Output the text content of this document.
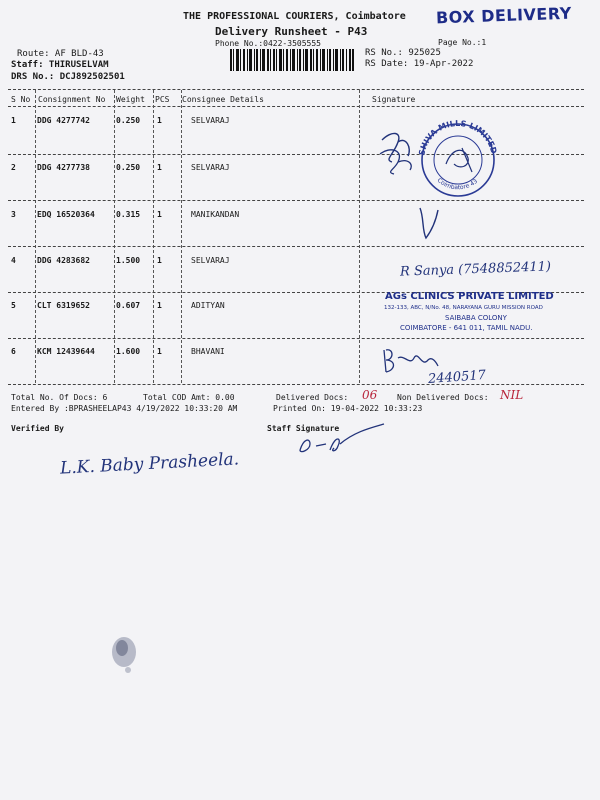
THE PROFESSIONAL COURIERS, Coimbatore
Delivery Runsheet - P43
Phone No.:0422-3505555	Page No.:1
BOX DELIVERY
Route: AF BLD-43
Staff: THIRUSELVAM
DRS No.: DCJ892502501
RS No.: 925025
RS Date: 19-Apr-2022
S No Consignment No Weight PCS Consignee Details	Signature
1	DDG 4277742	0.250 1	SELVARAJ
2	DDG 4277738	0.250 1	SELVARAJ
3	EDQ 16520364	0.315 1	MANIKANDAN
4	DDG 4283682	1.500 1	SELVARAJ
5	CLT 6319652	0.607 1	ADITYAN
6	KCM 12439644	1.600 1	BHAVANI
SHIVA MILLS LIMITED
Coimbatore 43
R Sanya (7548852411)
AGs CLINICS PRIVATE LIMITED
132-133, ABC, N/No. 48, NARAYANA GURU MISSION ROAD
SAIBABA COLONY
COIMBATORE - 641 011, TAMIL NADU.
2440517
Total No. Of Docs: 6	Total COD Amt: 0.00	Delivered Docs: 06 Non Delivered Docs: NIL
Entered By :BPRASHEELAP43 4/19/2022 10:33:20 AM	Printed On: 19-04-2022 10:33:23
Verified By	Staff Signature
L.K. Baby Prasheela.
